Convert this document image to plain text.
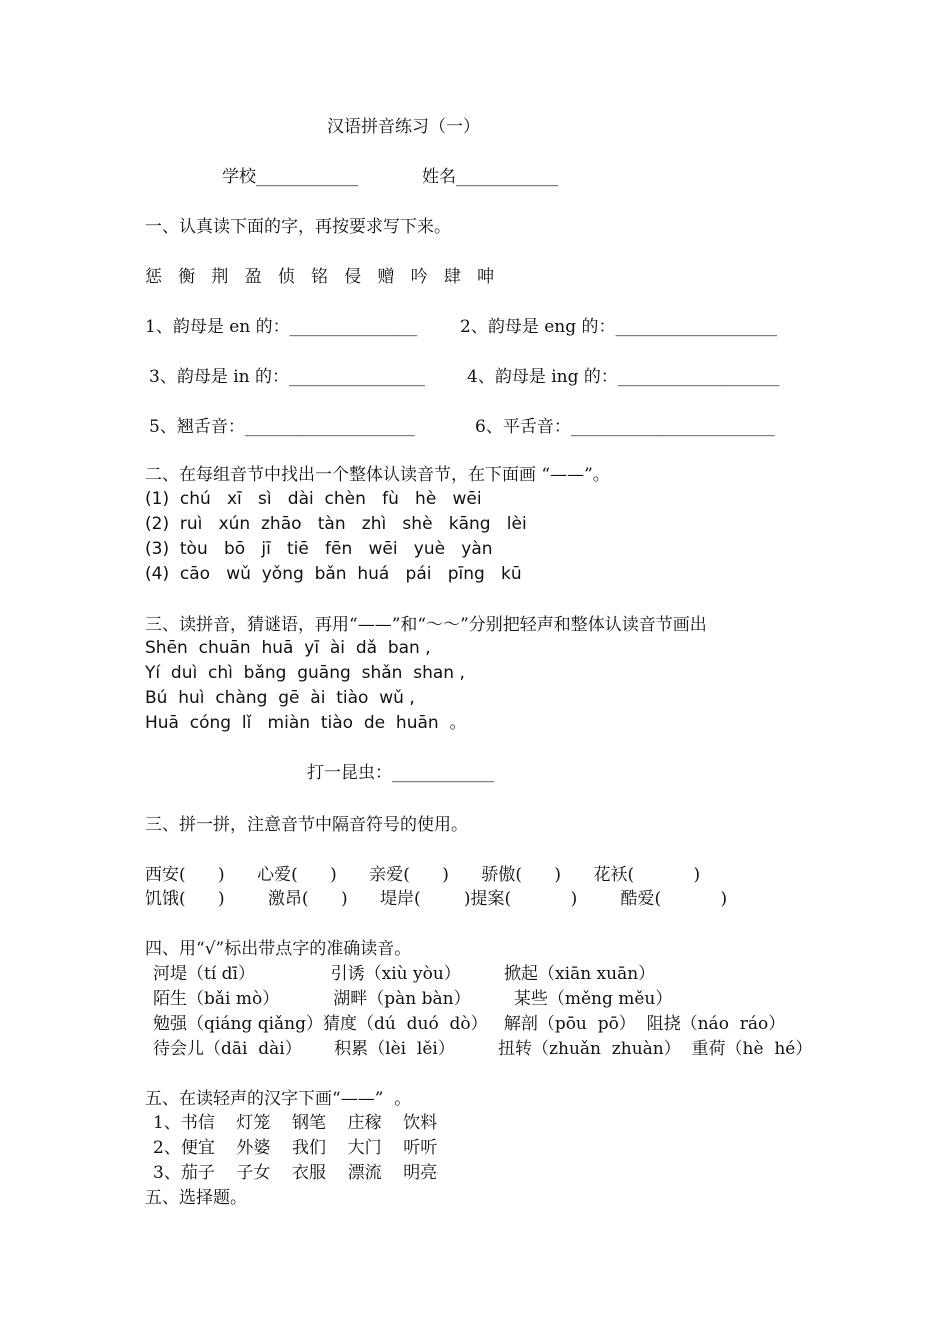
汉语拼音练习（一）
学校____________	姓名____________
一、认真读下面的字，再按要求写下来。
惩   衡   荆   盈   侦   铭   侵   赠   吟   肆   呻
1、韵母是 en 的：_______________	2、韵母是 eng 的：___________________
3、韵母是 in 的：________________ 4、韵母是 ing 的：___________________
5、翘舌音：____________________	6、平舌音：________________________
二、在每组音节中找出一个整体认读音节，在下面画 “——”。
(1)  chú   xī   sì   dài  chèn   fù   hè   wēi
(2)  ruì   xún  zhāo   tàn   zhì   shè   kāng   lèi
(3)  tòu   bō   jī   tiē   fēn   wēi   yuè   yàn
(4)  cāo   wǔ  yǒng  bǎn  huá   pái   pīng   kū
三、读拼音，猜谜语，再用“——”和“～～”分别把轻声和整体认读音节画出
Shēn  chuān  huā  yī  ài  dǎ  ban ,
Yí  duì  chì  bǎng  guāng  shǎn  shan ,
Bú  huì  chàng  gē  ài  tiào  wǔ ,
Huā  cóng  lǐ   miàn  tiào  de  huān  。
打一昆虫：____________
三、拼一拼，注意音节中隔音符号的使用。
西安(      )      心爱(      )      亲爱(      )      骄傲(      )      花袄(           )
饥饿(      )        激昂(      )      堤岸(        )提案(           )        酷爱(           )
四、用“√”标出带点字的准确读音。
河堤（tí dī）              引诱（xiù yòu）        掀起（xiān xuān）
陌生（bǎi mò）          湖畔（pàn bàn）        某些（měng měu）
勉强（qiáng qiǎng）猜度（dú  duó  dò）   解剖（pōu  pō）  阻挠（náo  ráo）
待会儿（dāi  dài）      积累（lèi  lěi）        扭转（zhuǎn  zhuàn）  重荷（hè  hé）
五、在读轻声的汉字下画“——”  。
1、书信    灯笼    钢笔    庄稼    饮料
2、便宜    外婆    我们    大门    听听
3、茄子    子女    衣服    漂流    明亮
五、选择题。
